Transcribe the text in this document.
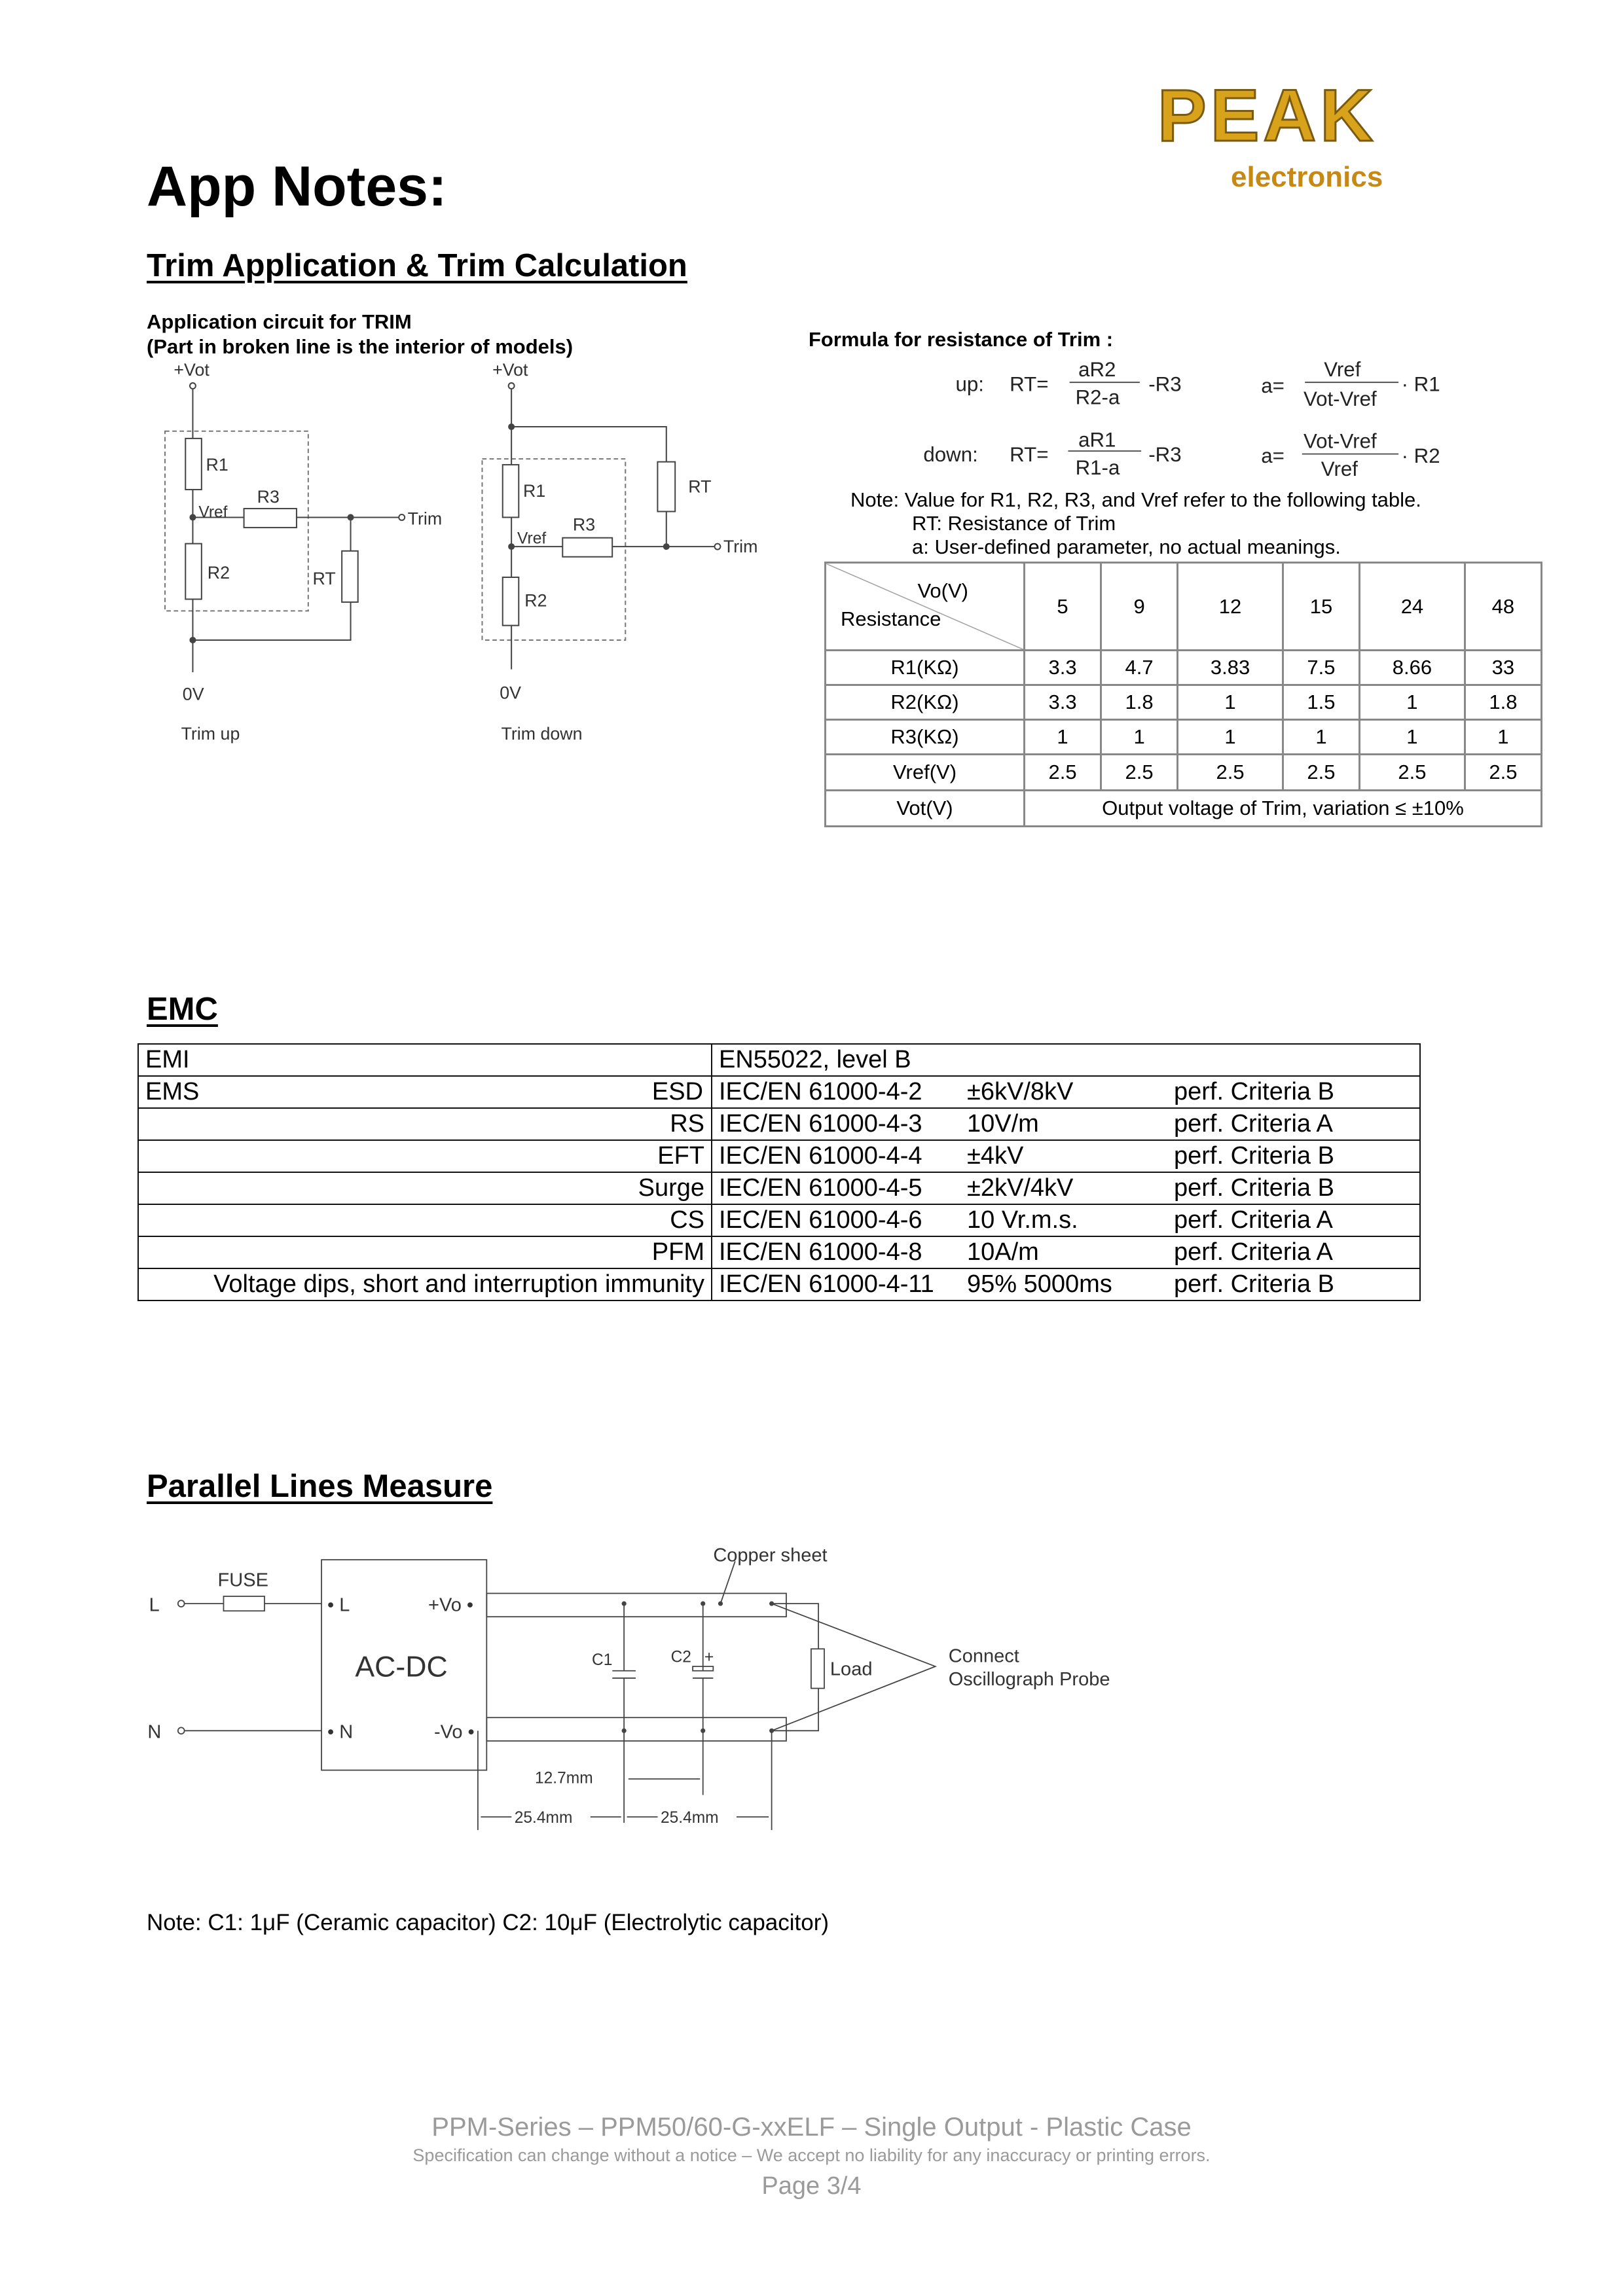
PEAK
electronics
App Notes:
Trim Application & Trim Calculation
Application circuit for TRIM
(Part in broken line is the interior of models)
+Vot
R1
Vref
R3
Trim
R2	RT
0V
Trim up
+Vot
R1
Vref
R3
RT
Trim
R2
0V
Trim down
Formula for resistance of Trim :
up:	RT=
aR2
R2-a
-R3	a=
Vref
Vot-Vref
· R1
down:	RT=
aR1
R1-a
-R3	a=
Vot-Vref
Vref
· R2
Note: Value for R1, R2, R3, and Vref refer to the following table.
RT: Resistance of Trim
a: User-defined parameter, no actual meanings.
Vo(V)
Resistance	5	9	12	15	24	48
R1(KΩ)	3.3	4.7	3.83	7.5	8.66	33
R2(KΩ)	3.3	1.8	1	1.5	1	1.8
R3(KΩ)	1	1	1	1	1	1
Vref(V)	2.5	2.5	2.5	2.5	2.5	2.5
Vot(V)	Output voltage of Trim, variation ≤ ±10%					
EMC
EMI	EN55022, level B		
EMS ESD	IEC/EN 61000-4-2	±6kV/8kV	perf. Criteria B
RS	IEC/EN 61000-4-3	10V/m	perf. Criteria A
EFT	IEC/EN 61000-4-4	±4kV	perf. Criteria B
Surge	IEC/EN 61000-4-5	±2kV/4kV	perf. Criteria B
CS	IEC/EN 61000-4-6	10 Vr.m.s.	perf. Criteria A
PFM	IEC/EN 61000-4-8	10A/m	perf. Criteria A
Voltage dips, short and interruption immunity	IEC/EN 61000-4-11	95% 5000ms	perf. Criteria B
Parallel Lines Measure
L
N
FUSE
• L
• N
+Vo •
-Vo •
AC-DC
Copper sheet
C1	C2 +
Load
Connect
Oscillograph Probe
12.7mm
25.4mm	25.4mm
Note: C1: 1μF (Ceramic capacitor) C2: 10μF (Electrolytic capacitor)
PPM-Series – PPM50/60-G-xxELF – Single Output - Plastic Case
Specification can change without a notice – We accept no liability for any inaccuracy or printing errors.
Page 3/4
